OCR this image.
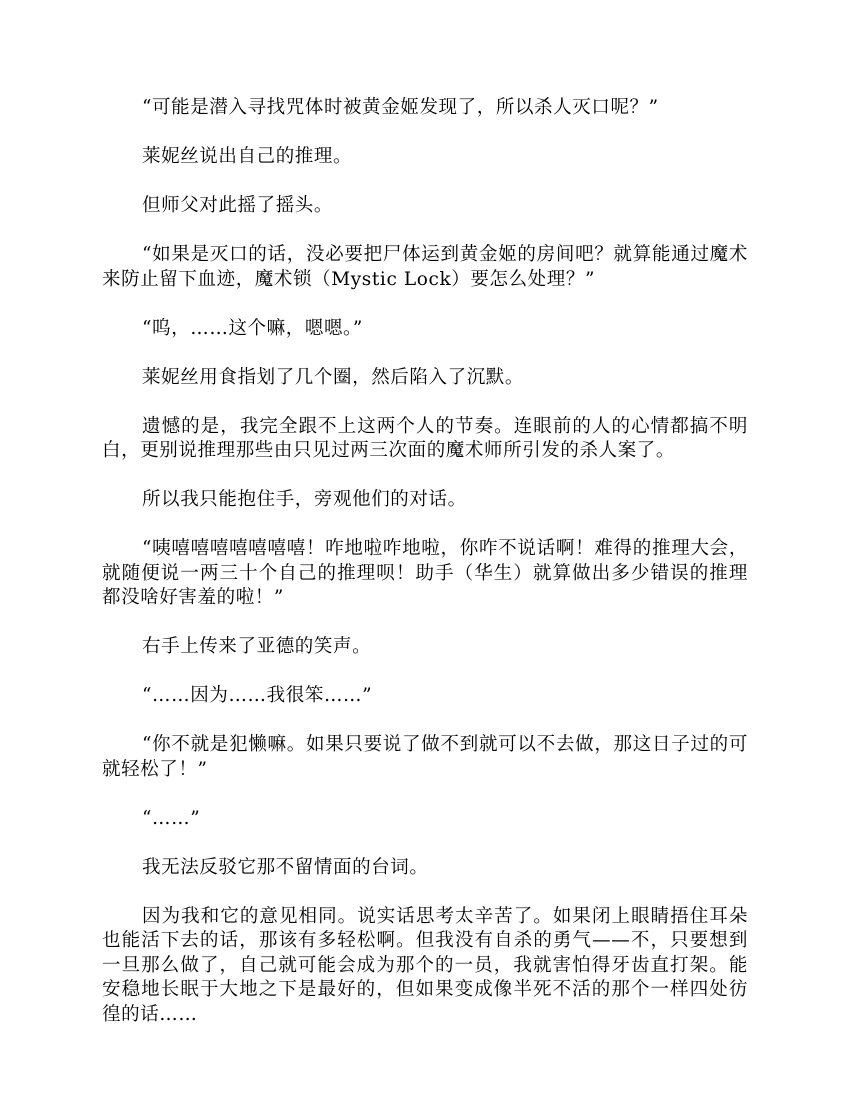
“可能是潜入寻找咒体时被黄金姬发现了，所以杀人灭口呢？”

莱妮丝说出自己的推理。

但师父对此摇了摇头。

“如果是灭口的话，没必要把尸体运到黄金姬的房间吧？就算能通过魔术来防止留下血迹，魔术锁（Mystic Lock）要怎么处理？”

“呜，……这个嘛，嗯嗯。”

莱妮丝用食指划了几个圈，然后陷入了沉默。

遗憾的是，我完全跟不上这两个人的节奏。连眼前的人的心情都搞不明白，更别说推理那些由只见过两三次面的魔术师所引发的杀人案了。

所以我只能抱住手，旁观他们的对话。

“咦嘻嘻嘻嘻嘻嘻嘻！咋地啦咋地啦，你咋不说话啊！难得的推理大会，就随便说一两三十个自己的推理呗！助手（华生）就算做出多少错误的推理都没啥好害羞的啦！”

右手上传来了亚德的笑声。

“……因为……我很笨……”

“你不就是犯懒嘛。如果只要说了做不到就可以不去做，那这日子过的可就轻松了！”

“……”

我无法反驳它那不留情面的台词。

因为我和它的意见相同。说实话思考太辛苦了。如果闭上眼睛捂住耳朵也能活下去的话，那该有多轻松啊。但我没有自杀的勇气——不，只要想到一旦那么做了，自己就可能会成为那个的一员，我就害怕得牙齿直打架。能安稳地长眠于大地之下是最好的，但如果变成像半死不活的那个一样四处彷徨的话……
